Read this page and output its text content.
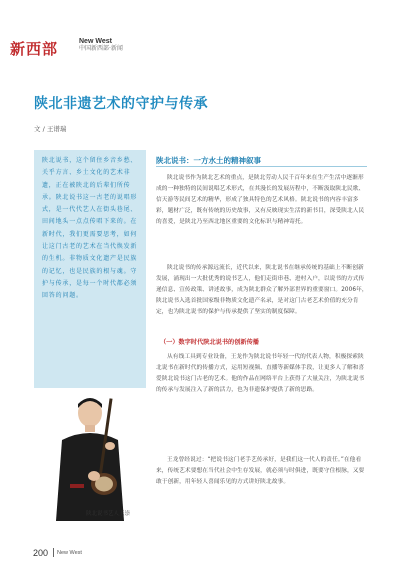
新西部	New West
中国新西部·新闻
陕北非遗艺术的守护与传承
文 / 王谱瑞
陕北说书，这个留住乡音乡愁、关乎方言、乡土文化的艺术非遗，正在被陕北的后辈们所传承。陕北说书这一古老的说唱形式，是一代代艺人在街头巷尾、田间地头一点点传唱下来的。在新时代，我们更需要思考，如何让这门古老的艺术在当代焕发新的生机。非物质文化遗产是民族的记忆，也是民族的根与魂。守护与传承，是每一个时代都必须回答的问题。
陕北说书艺人王崇
陕北说书：一方水土的精神叙事
陕北说书作为陕北艺术的重点，是陕北劳动人民千百年来在生产生活中逐渐形成的一种独特的民间说唱艺术形式，在其漫长的发展历程中，不断汲取陕北民歌、信天游等民间艺术的精华，形成了独具特色的艺术风格。陕北说书的内容丰富多彩，题材广泛，既有传统的历史故事，又有反映现实生活的新书目，深受陕北人民的喜爱，是陕北乃至西北地区重要的文化标识与精神寄托。
陕北说书的传承源远流长，近代以来，陕北说书在继承传统的基础上不断创新发展，涌现出一大批优秀的说书艺人，他们走街串巷、进村入户，以说书的方式传递信息、宣传政策、讲述故事，成为陕北群众了解外部世界的重要窗口。2006年，陕北说书入选首批国家级非物质文化遗产名录，是对这门古老艺术价值的充分肯定，也为陕北说书的保护与传承提供了坚实的制度保障。
（一）数字时代陕北说书的创新传播
从有线工具到专业设备，王龙作为陕北说书年轻一代的代表人物，积极探索陕北说书在新时代的传播方式，运用短视频、直播等新媒体手段，让更多人了解和喜爱陕北说书这门古老的艺术。他的作品在网络平台上获得了大量关注，为陕北说书的传承与发展注入了新的活力，也为非遗保护提供了新的思路。
王龙曾经说过：“把说书这门老手艺传承好，是我们这一代人的责任。”在他看来，传统艺术要想在当代社会中生存发展，就必须与时俱进，既要守住根脉，又要敢于创新，用年轻人喜闻乐见的方式讲好陕北故事。
200 New West
